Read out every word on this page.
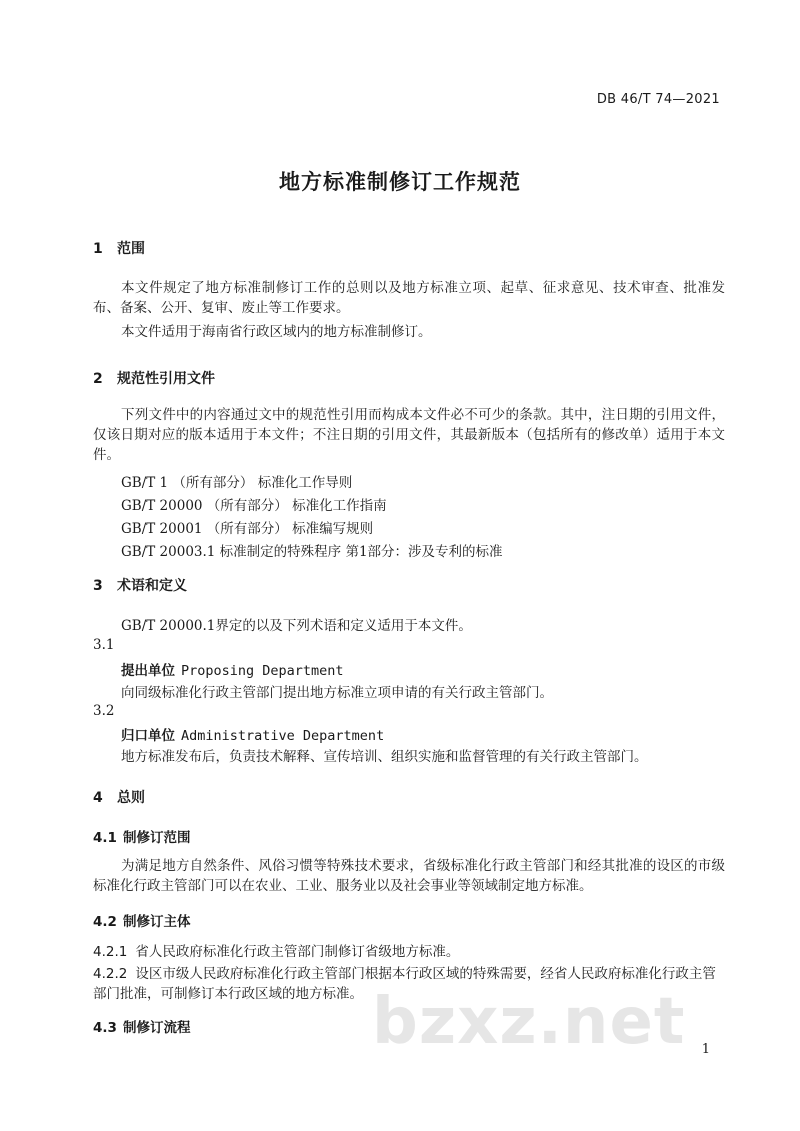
DB 46/T 74—2021
地方标准制修订工作规范
1 范围
本文件规定了地方标准制修订工作的总则以及地方标准立项、起草、征求意见、技术审查、批准发布、备案、公开、复审、废止等工作要求。
本文件适用于海南省行政区域内的地方标准制修订。
2 规范性引用文件
下列文件中的内容通过文中的规范性引用而构成本文件必不可少的条款。其中，注日期的引用文件，仅该日期对应的版本适用于本文件；不注日期的引用文件，其最新版本（包括所有的修改单）适用于本文件。
GB/T 1 （所有部分） 标准化工作导则
GB/T 20000 （所有部分） 标准化工作指南
GB/T 20001 （所有部分） 标准编写规则
GB/T 20003.1 标准制定的特殊程序 第1部分：涉及专利的标准
3 术语和定义
GB/T 20000.1界定的以及下列术语和定义适用于本文件。
3.1
提出单位 Proposing Department
向同级标准化行政主管部门提出地方标准立项申请的有关行政主管部门。
3.2
归口单位 Administrative Department
地方标准发布后，负责技术解释、宣传培训、组织实施和监督管理的有关行政主管部门。
4 总则
4.1 制修订范围
为满足地方自然条件、风俗习惯等特殊技术要求，省级标准化行政主管部门和经其批准的设区的市级标准化行政主管部门可以在农业、工业、服务业以及社会事业等领域制定地方标准。
4.2 制修订主体
4.2.1 省人民政府标准化行政主管部门制修订省级地方标准。
4.2.2 设区市级人民政府标准化行政主管部门根据本行政区域的特殊需要，经省人民政府标准化行政主管部门批准，可制修订本行政区域的地方标准。
4.3 制修订流程	bzxz.net 1
